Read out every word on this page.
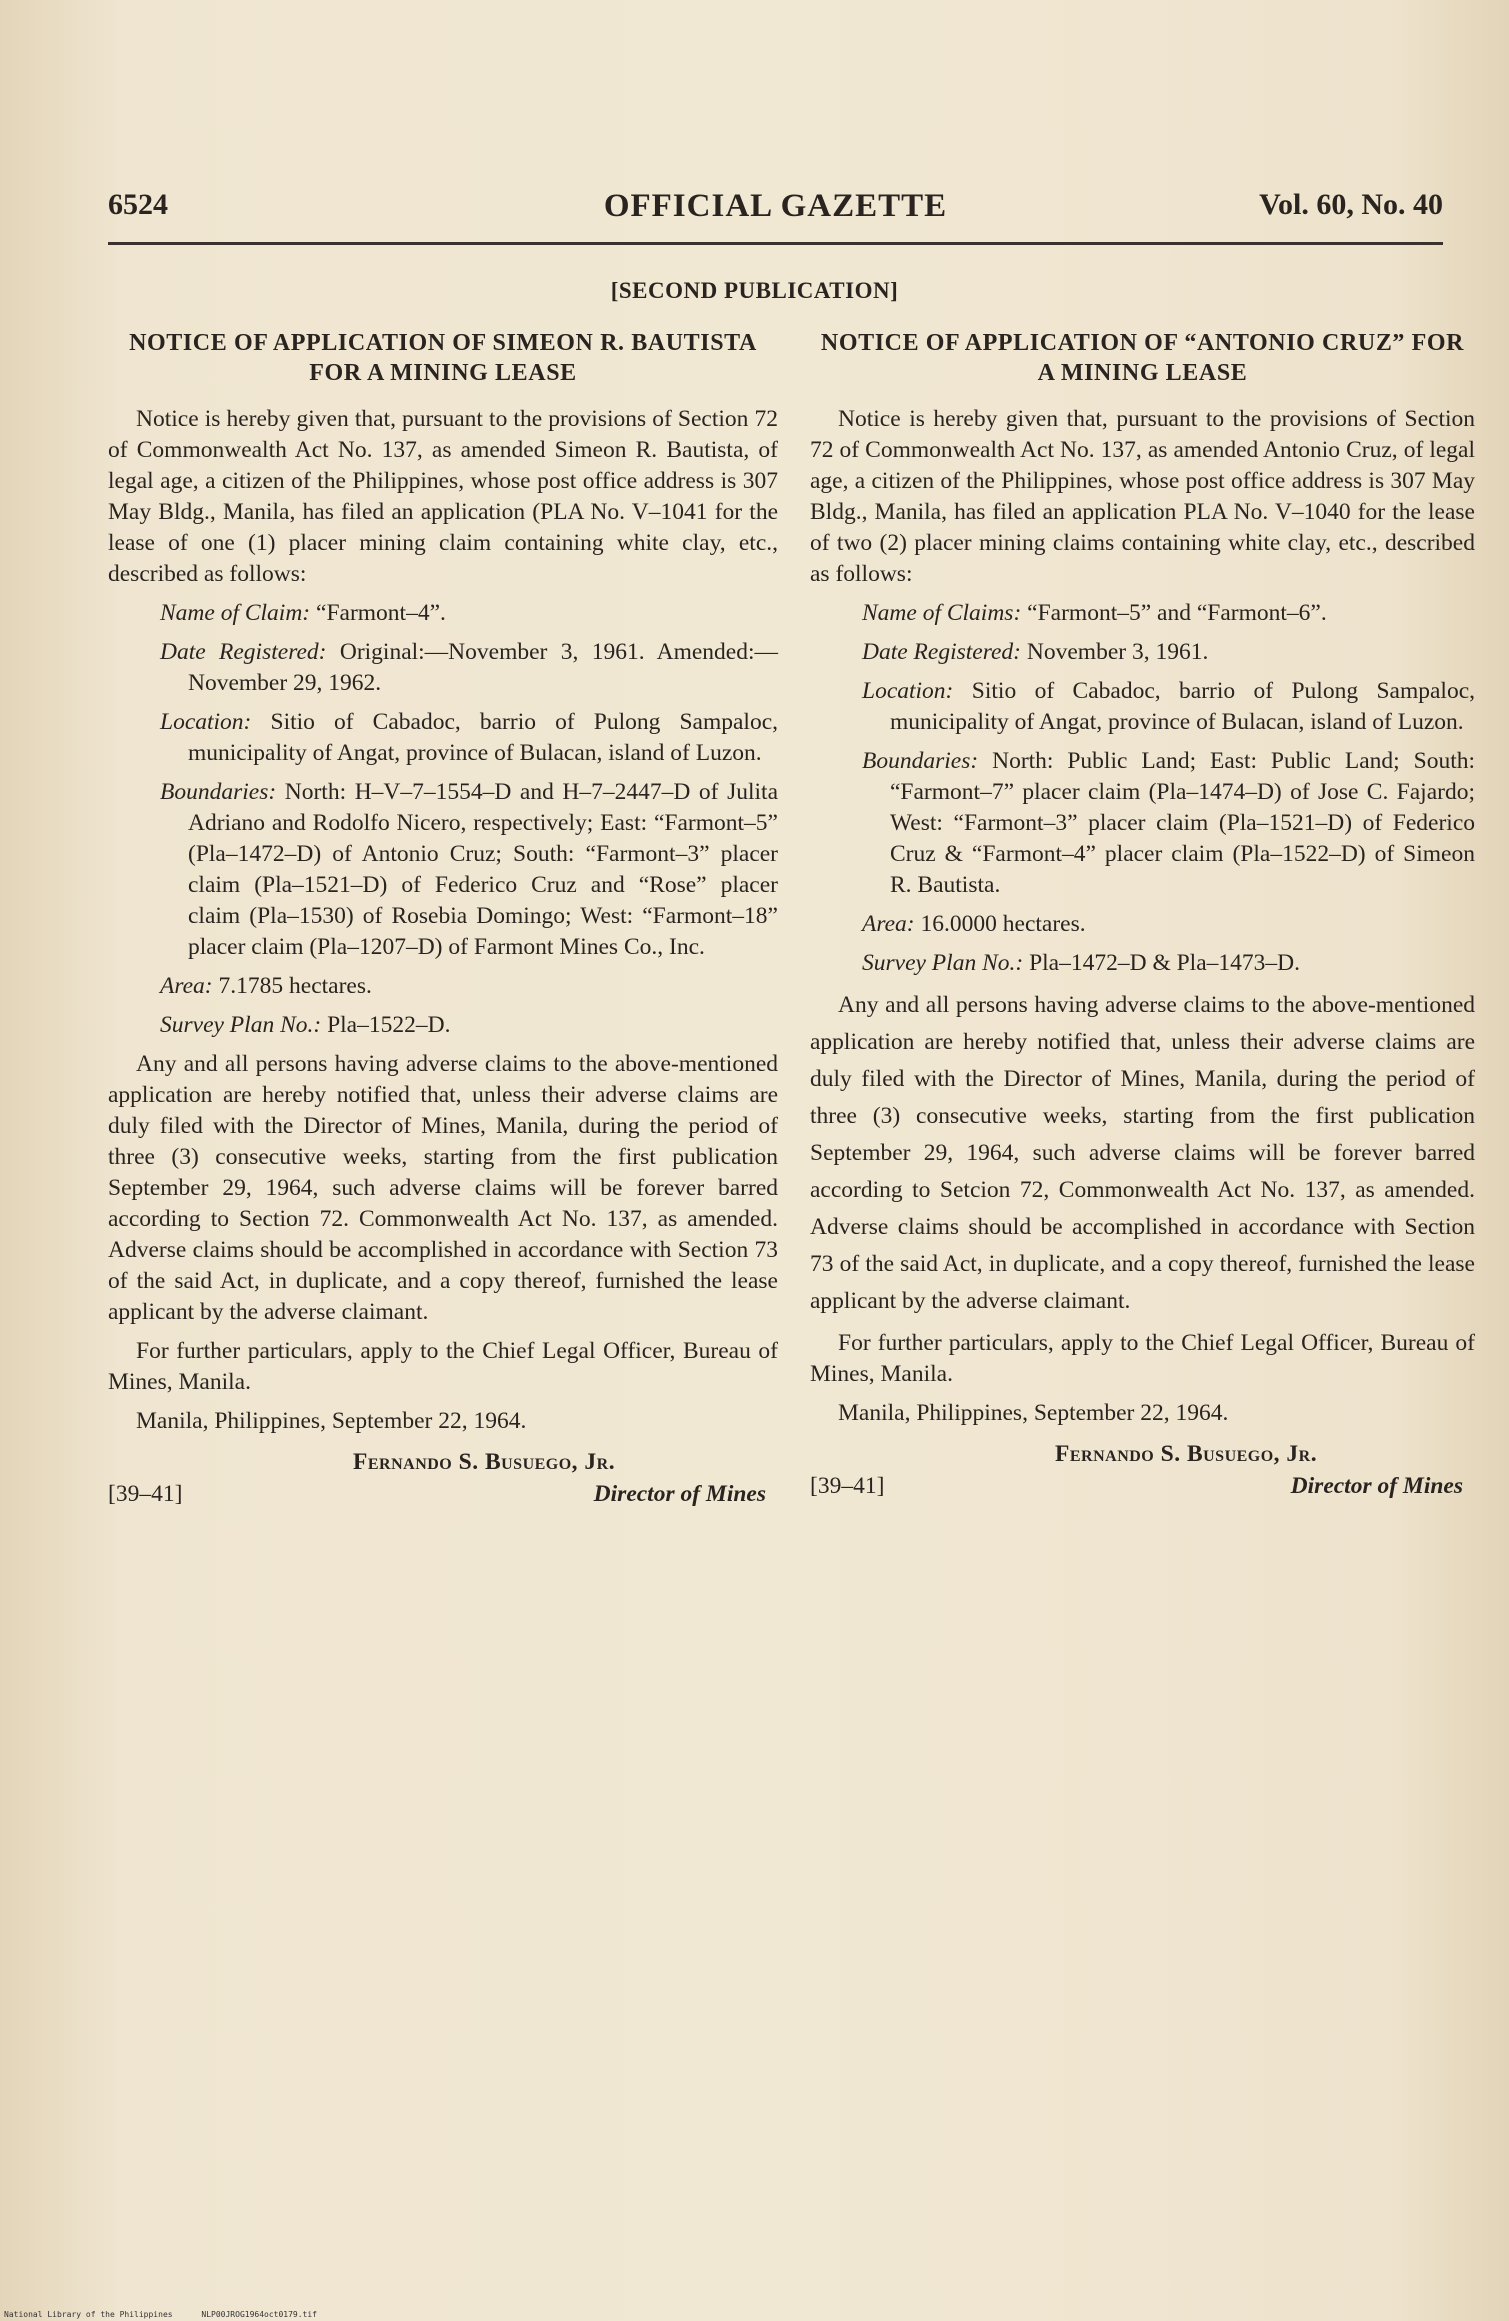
6524	OFFICIAL GAZETTE	Vol. 60, No. 40
[SECOND PUBLICATION]
NOTICE OF APPLICATION OF SIMEON R. BAUTISTA FOR A MINING LEASE

Notice is hereby given that, pursuant to the provisions of Section 72 of Commonwealth Act No. 137, as amended Simeon R. Bautista, of legal age, a citizen of the Philippines, whose post office address is 307 May Bldg., Manila, has filed an application (PLA No. V–1041 for the lease of one (1) placer mining claim containing white clay, etc., described as follows:

Name of Claim: “Farmont–4”.

Date Registered: Original:—November 3, 1961. Amended:—November 29, 1962.

Location: Sitio of Cabadoc, barrio of Pulong Sampaloc, municipality of Angat, province of Bulacan, island of Luzon.

Boundaries: North: H–V–7–1554–D and H–7–2447–D of Julita Adriano and Rodolfo Nicero, respectively; East: “Farmont–5” (Pla–1472–D) of Antonio Cruz; South: “Farmont–3” placer claim (Pla–1521–D) of Federico Cruz and “Rose” placer claim (Pla–1530) of Rosebia Domingo; West: “Farmont–18” placer claim (Pla–1207–D) of Farmont Mines Co., Inc.

Area: 7.1785 hectares.

Survey Plan No.: Pla–1522–D.

Any and all persons having adverse claims to the above-mentioned application are hereby notified that, unless their adverse claims are duly filed with the Director of Mines, Manila, during the period of three (3) consecutive weeks, starting from the first publication September 29, 1964, such adverse claims will be forever barred according to Section 72. Commonwealth Act No. 137, as amended. Adverse claims should be accomplished in accordance with Section 73 of the said Act, in duplicate, and a copy thereof, furnished the lease applicant by the adverse claimant.

For further particulars, apply to the Chief Legal Officer, Bureau of Mines, Manila.

Manila, Philippines, September 22, 1964.

Fernando S. Busuego, Jr.
[39–41]	Director of Mines
NOTICE OF APPLICATION OF “ANTONIO CRUZ” FOR A MINING LEASE

Notice is hereby given that, pursuant to the provisions of Section 72 of Commonwealth Act No. 137, as amended Antonio Cruz, of legal age, a citizen of the Philippines, whose post office address is 307 May Bldg., Manila, has filed an application PLA No. V–1040 for the lease of two (2) placer mining claims containing white clay, etc., described as follows:

Name of Claims: “Farmont–5” and “Farmont–6”.

Date Registered: November 3, 1961.

Location: Sitio of Cabadoc, barrio of Pulong Sampaloc, municipality of Angat, province of Bulacan, island of Luzon.

Boundaries: North: Public Land; East: Public Land; South: “Farmont–7” placer claim (Pla–1474–D) of Jose C. Fajardo; West: “Farmont–3” placer claim (Pla–1521–D) of Federico Cruz & “Farmont–4” placer claim (Pla–1522–D) of Simeon R. Bautista.

Area: 16.0000 hectares.

Survey Plan No.: Pla–1472–D & Pla–1473–D.

Any and all persons having adverse claims to the above-mentioned application are hereby notified that, unless their adverse claims are duly filed with the Director of Mines, Manila, during the period of three (3) consecutive weeks, starting from the first publication September 29, 1964, such adverse claims will be forever barred according to Setcion 72, Commonwealth Act No. 137, as amended. Adverse claims should be accomplished in accordance with Section 73 of the said Act, in duplicate, and a copy thereof, furnished the lease applicant by the adverse claimant.

For further particulars, apply to the Chief Legal Officer, Bureau of Mines, Manila.

Manila, Philippines, September 22, 1964.

Fernando S. Busuego, Jr.
[39–41]	Director of Mines
National Library of the Philippines	NLP00JROG1964oct0179.tif
